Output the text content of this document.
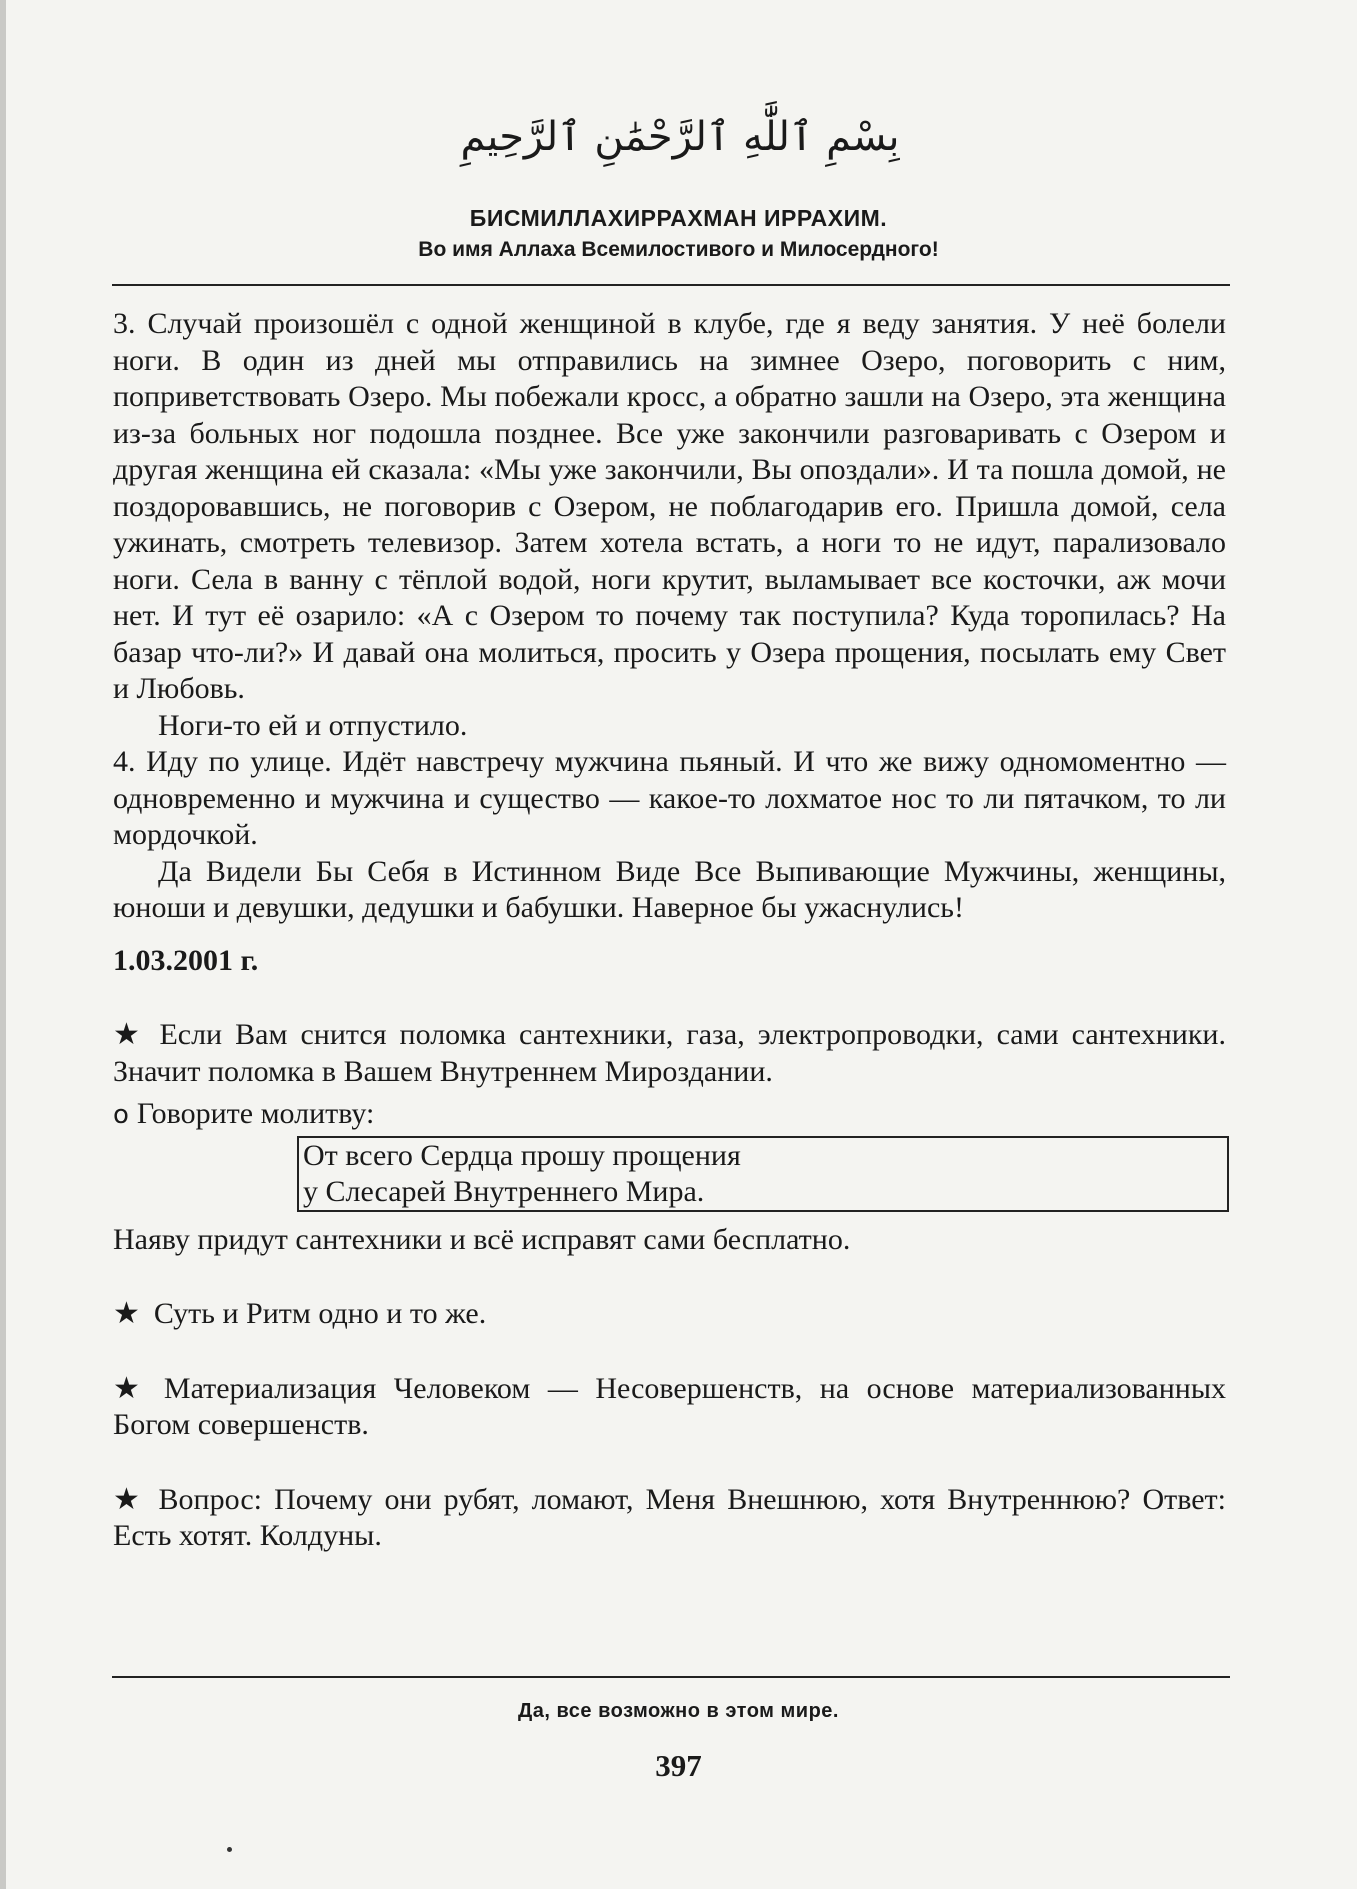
بِسْمِ ٱللَّٰهِ ٱلرَّحْمَٰنِ ٱلرَّحِيمِ
БИСМИЛЛАХИРРАХМАН ИРРАХИМ.
Во имя Аллаха Всемилостивого и Милосердного!

3. Случай произошёл с одной женщиной в клубе, где я веду занятия. У неё болели ноги. В один из дней мы отправились на зимнее Озеро, поговорить с ним, поприветствовать Озеро. Мы побежали кросс, а обратно зашли на Озеро, эта женщина из-за больных ног подошла позднее. Все уже закончили разговаривать с Озером и другая женщина ей сказала: «Мы уже закончили, Вы опоздали». И та пошла домой, не поздоровавшись, не поговорив с Озером, не поблагодарив его. Пришла домой, села ужинать, смотреть телевизор. Затем хотела встать, а ноги то не идут, парализовало ноги. Села в ванну с тёплой водой, ноги крутит, выламывает все косточки, аж мочи нет. И тут её озарило: «А с Озером то почему так поступила? Куда торопилась? На базар что-ли?» И давай она молиться, просить у Озера прощения, посылать ему Свет и Любовь.

Ноги-то ей и отпустило.

4. Иду по улице. Идёт навстречу мужчина пьяный. И что же вижу одномоментно — одновременно и мужчина и существо — какое-то лохматое нос то ли пятачком, то ли мордочкой.

Да Видели Бы Себя в Истинном Виде Все Выпивающие Мужчины, женщины, юноши и девушки, дедушки и бабушки. Наверное бы ужаснулись!

1.03.2001 г.

★ Если Вам снится поломка сантехники, газа, электропроводки, сами сантехники. Значит поломка в Вашем Внутреннем Мироздании.

o Говорите молитву:

От всего Сердца прошу прощения
у Слесарей Внутреннего Мира.

Наяву придут сантехники и всё исправят сами бесплатно.

★ Суть и Ритм одно и то же.

★ Материализация Человеком — Несовершенств, на основе материализованных Богом совершенств.

★ Вопрос: Почему они рубят, ломают, Меня Внешнюю, хотя Внутреннюю? Ответ: Есть хотят. Колдуны.

Да, все возможно в этом мире.
397
